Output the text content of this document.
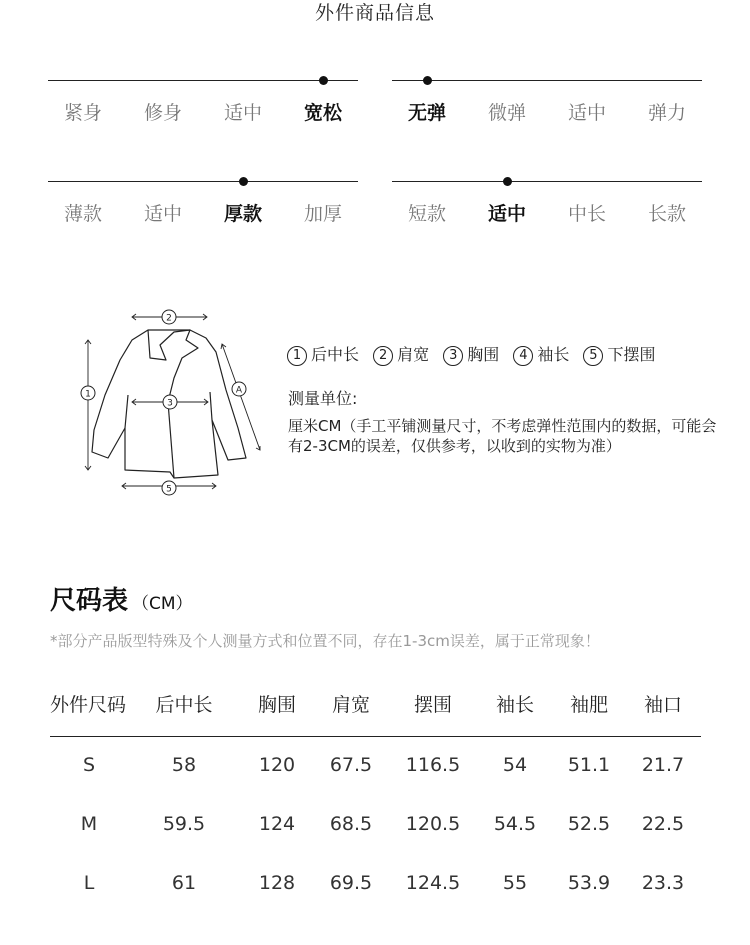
外件商品信息
紧身	修身	适中	宽松	无弹	微弹	适中	弹力
薄款	适中	厚款	加厚	短款	适中	中长	长款
2
1
3
A
5
1 后中长 2 肩宽 3 胸围 4 袖长 5 下摆围
测量单位:
厘米CM（手工平铺测量尺寸，不考虑弹性范围内的数据，可能会有2-3CM的误差，仅供参考，以收到的实物为准）
尺码表 （CM）
*部分产品版型特殊及个人测量方式和位置不同，存在1-3cm误差，属于正常现象！
外件尺码 后中长 胸围 肩宽 摆围 袖长 袖肥 袖口
S	58	120 67.5 116.5 54 51.1 21.7
M	59.5	124 68.5 120.5 54.5 52.5 22.5
L	61	128 69.5 124.5 55 53.9 23.3
